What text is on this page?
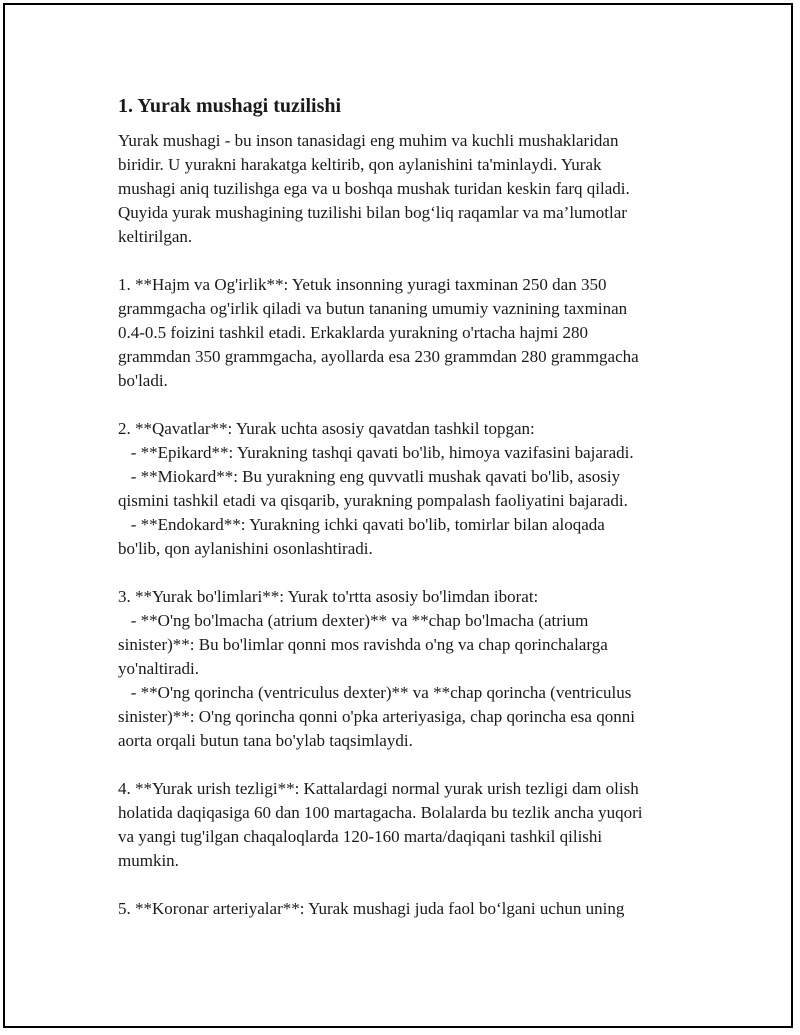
1. Yurak mushagi tuzilishi

Yurak mushagi - bu inson tanasidagi eng muhim va kuchli mushaklaridan
biridir. U yurakni harakatga keltirib, qon aylanishini ta'minlaydi. Yurak
mushagi aniq tuzilishga ega va u boshqa mushak turidan keskin farq qiladi.
Quyida yurak mushagining tuzilishi bilan bog‘liq raqamlar va ma’lumotlar
keltirilgan.

1. **Hajm va Og'irlik**: Yetuk insonning yuragi taxminan 250 dan 350
grammgacha og'irlik qiladi va butun tananing umumiy vaznining taxminan
0.4-0.5 foizini tashkil etadi. Erkaklarda yurakning o'rtacha hajmi 280
grammdan 350 grammgacha, ayollarda esa 230 grammdan 280 grammgacha
bo'ladi.

2. **Qavatlar**: Yurak uchta asosiy qavatdan tashkil topgan:
- **Epikard**: Yurakning tashqi qavati bo'lib, himoya vazifasini bajaradi.
- **Miokard**: Bu yurakning eng quvvatli mushak qavati bo'lib, asosiy
qismini tashkil etadi va qisqarib, yurakning pompalash faoliyatini bajaradi.
- **Endokard**: Yurakning ichki qavati bo'lib, tomirlar bilan aloqada
bo'lib, qon aylanishini osonlashtiradi.

3. **Yurak bo'limlari**: Yurak to'rtta asosiy bo'limdan iborat:
- **O'ng bo'lmacha (atrium dexter)** va **chap bo'lmacha (atrium
sinister)**: Bu bo'limlar qonni mos ravishda o'ng va chap qorinchalarga
yo'naltiradi.
- **O'ng qorincha (ventriculus dexter)** va **chap qorincha (ventriculus
sinister)**: O'ng qorincha qonni o'pka arteriyasiga, chap qorincha esa qonni
aorta orqali butun tana bo'ylab taqsimlaydi.

4. **Yurak urish tezligi**: Kattalardagi normal yurak urish tezligi dam olish
holatida daqiqasiga 60 dan 100 martagacha. Bolalarda bu tezlik ancha yuqori
va yangi tug'ilgan chaqaloqlarda 120-160 marta/daqiqani tashkil qilishi
mumkin.

5. **Koronar arteriyalar**: Yurak mushagi juda faol bo‘lgani uchun uning
